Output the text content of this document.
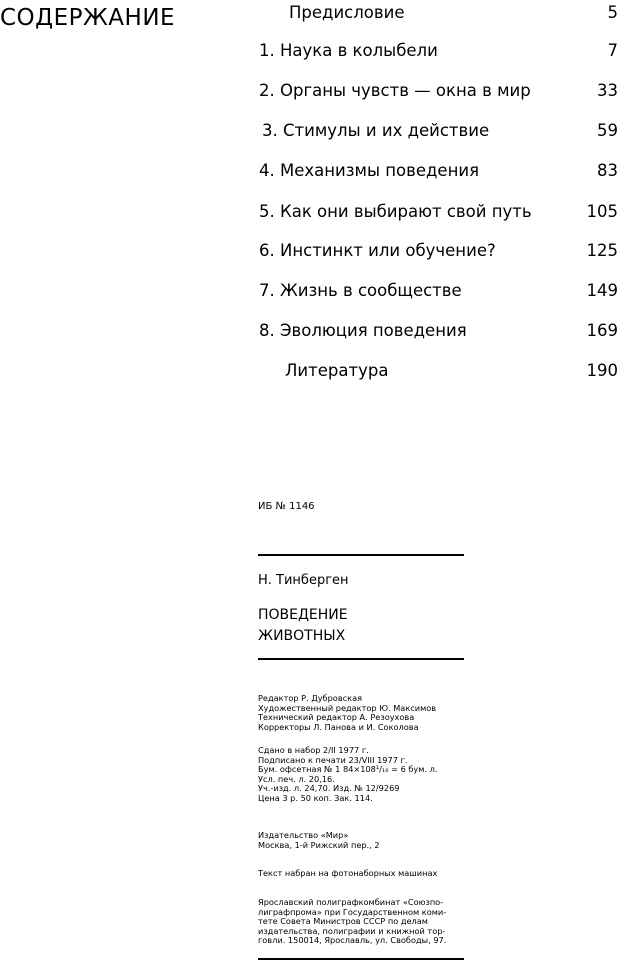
СОДЕРЖАНИЕ	Предисловие	5
1. Наука в колыбели	7
2. Органы чувств — окна в мир	33
3. Стимулы и их действие	59
4. Механизмы поведения	83
5. Как они выбирают свой путь	105
6. Инстинкт или обучение?	125
7. Жизнь в сообществе	149
8. Эволюция поведения	169
Литература	190
ИБ № 1146
Н. Тинберген
ПОВЕДЕНИЕ
ЖИВОТНЫХ
Редактор Р. Дубровская
Художественный редактор Ю. Максимов
Технический редактор А. Резоухова
Корректоры Л. Панова и И. Соколова
Сдано в набор 2/II 1977 г.
Подписано к печати 23/VIII 1977 г.
Бум. офсетная № 1 84×108¹/₁₆ = 6 бум. л.
Усл. печ. л. 20,16.
Уч.-изд. л. 24,70. Изд. № 12/9269
Цена 3 р. 50 коп. Зак. 114.
Издательство «Мир»
Москва, 1-й Рижский пер., 2
Текст набран на фотонаборных машинах
Ярославский полиграфкомбинат «Союзпо-
лиграфпрома» при Государственном коми-
тете Совета Министров СССР по делам
издательства, полиграфии и книжной тор-
говли. 150014, Ярославль, ул. Свободы, 97.
